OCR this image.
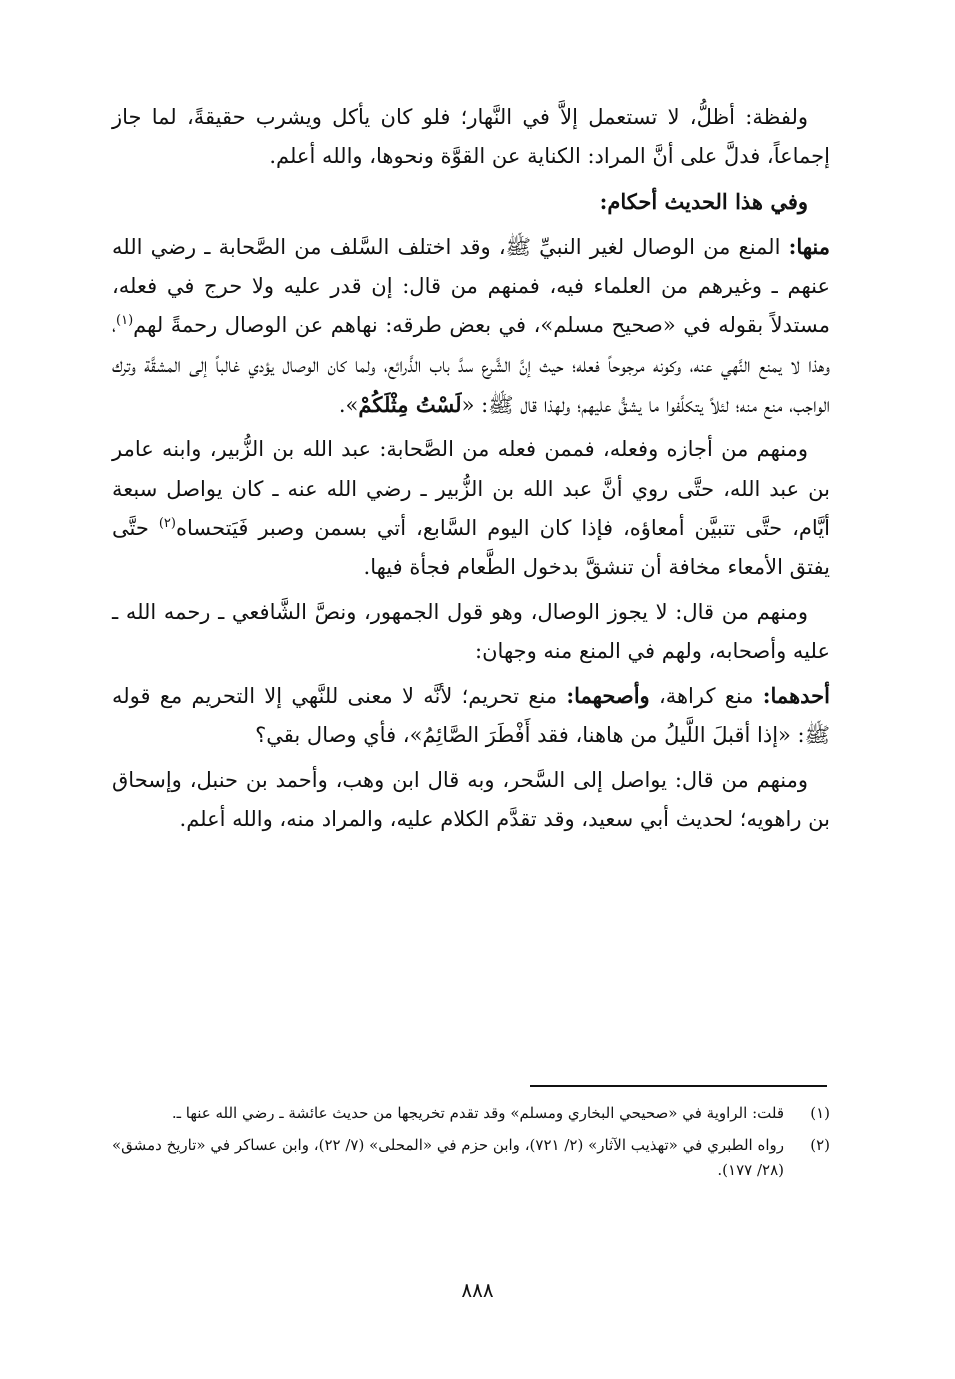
ولفظة: أظلُّ، لا تستعمل إلاَّ في النَّهار؛ فلو كان يأكل ويشرب حقيقةً، لما جاز إجماعاً، فدلَّ على أنَّ المراد: الكناية عن القوَّة ونحوها، والله أعلم.

وفي هذا الحديث أحكام:

منها: المنع من الوصال لغير النبيِّ ﷺ، وقد اختلف السَّلف من الصَّحابة ـ رضي الله عنهم ـ وغيرهم من العلماء فيه، فمنهم من قال: إن قدر عليه ولا حرج في فعله، مستدلاً بقوله في «صحيح مسلم»، في بعض طرقه: نهاهم عن الوصال رحمةً لهم$^{(١)}$، وهذا لا يمنع النَّهي عنه، وكونه مرجوحاً فعله؛ حيث إنَّ الشَّرع سدَّ باب الذَّرائع، ولما كان الوصال يؤدي غالباً إلى المشقَّة وترك الواجب، منع منه؛ لئلاً يتكلَّفوا ما يشقُّ عليهم؛ ولهذا قال ﷺ: «لَسْتُ مِثْلَكُمْ».

ومنهم من أجازه وفعله، فممن فعله من الصَّحابة: عبد الله بن الزُّبير، وابنه عامر بن عبد الله، حتَّى روي أنَّ عبد الله بن الزُّبير ـ رضي الله عنه ـ كان يواصل سبعة أيَّام، حتَّى تتبيَّن أمعاؤه، فإذا كان اليوم السَّابع، أتي بسمن وصبر فَيَتحساه$^{(٢)}$ حتَّى يفتق الأمعاء مخافة أن تنشقَّ بدخول الطَّعام فجأة فيها.

ومنهم من قال: لا يجوز الوصال، وهو قول الجمهور، ونصَّ الشَّافعي ـ رحمه الله ـ عليه وأصحابه، ولهم في المنع منه وجهان:

أحدهما: منع كراهة، وأصحهما: منع تحريم؛ لأنَّه لا معنى للنَّهي إلا التحريم مع قوله ﷺ: «إذا أقبلَ اللَّيلُ من هاهنا، فقد أَفْطَرَ الصَّائِمُ»، فأي وصال بقي؟

ومنهم من قال: يواصل إلى السَّحر، وبه قال ابن وهب، وأحمد بن حنبل، وإسحاق بن راهويه؛ لحديث أبي سعيد، وقد تقدَّم الكلام عليه، والمراد منه، والله أعلم.

(١)
قلت: الراوية في «صحيحي البخاري ومسلم» وقد تقدم تخريجها من حديث عائشة ـ رضي الله عنها ـ.
(٢)
رواه الطبري في «تهذيب الآثار» (٢/ ٧٢١)، وابن حزم في «المحلى» (٧/ ٢٢)، وابن عساكر في «تاريخ دمشق» (٢٨/ ١٧٧).
٨٨٨
